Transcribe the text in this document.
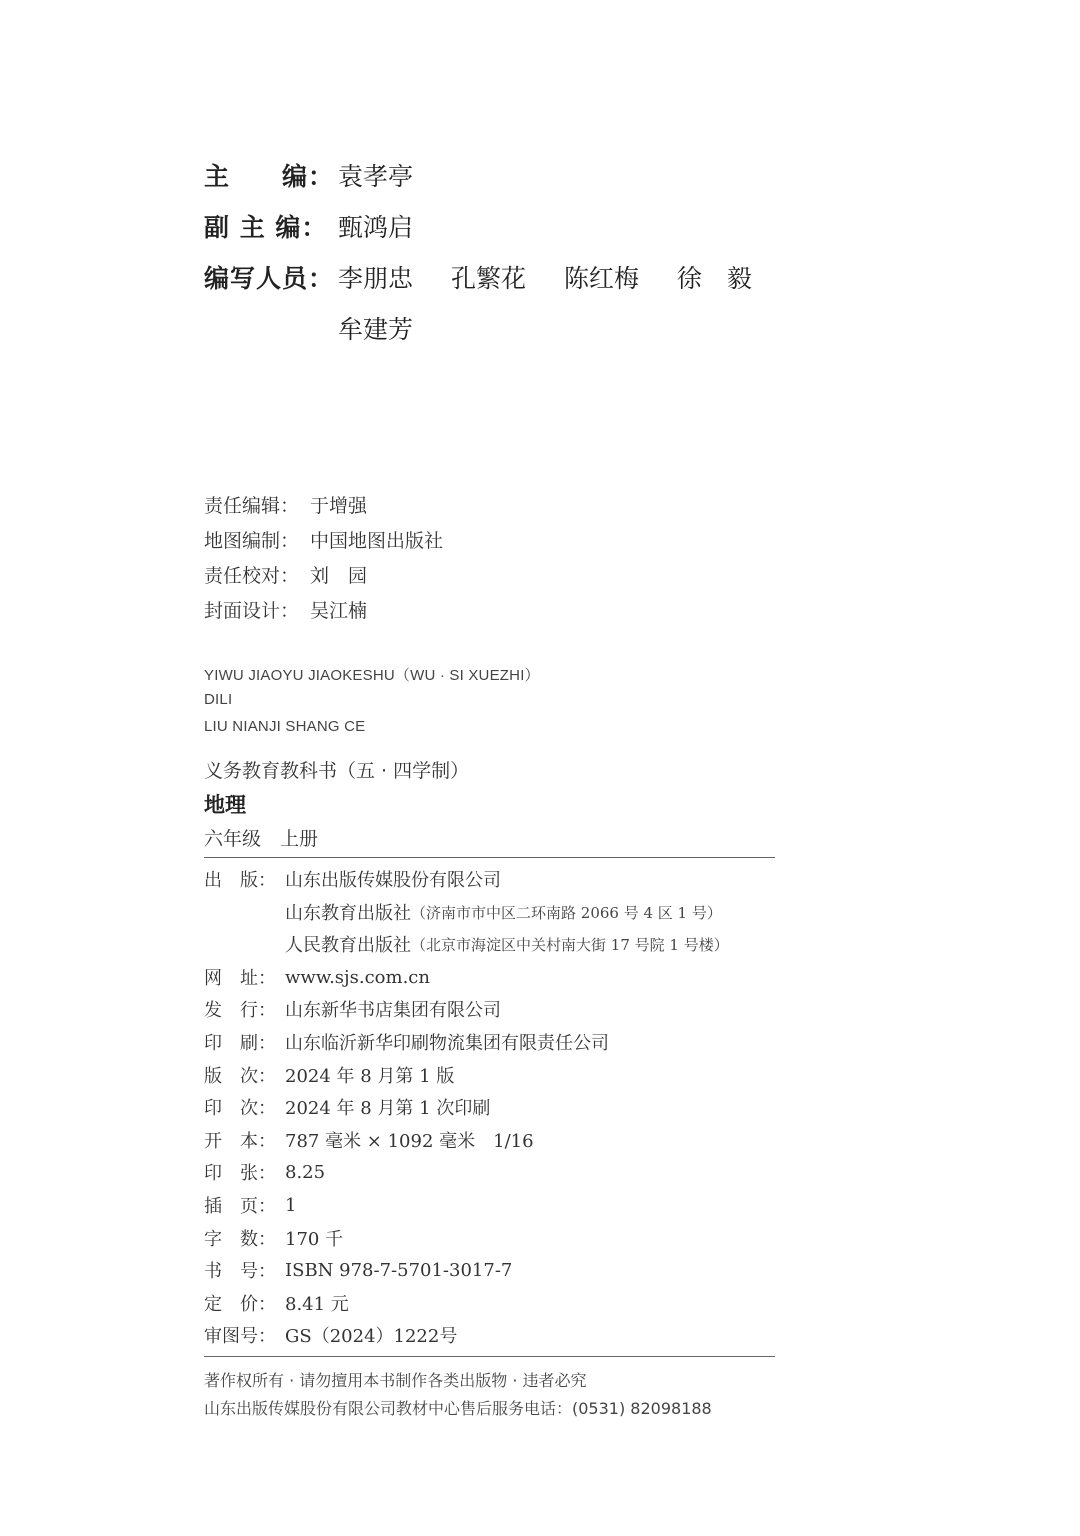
主　　编： 袁孝亭
副 主 编： 甄鸿启
编写人员： 李朋忠 孔繁花 陈红梅 徐　毅
牟建芳
责任编辑： 于增强
地图编制： 中国地图出版社
责任校对： 刘　园
封面设计： 吴江楠
YIWU JIAOYU JIAOKESHU（WU · SI XUEZHI）
DILI
LIU NIANJI SHANG CE
义务教育教科书（五 · 四学制）
地理
六年级　上册
出　版： 山东出版传媒股份有限公司
山东教育出版社 （济南市市中区二环南路 2066 号 4 区 1 号）
人民教育出版社 （北京市海淀区中关村南大街 17 号院 1 号楼）
网　址： www.sjs.com.cn
发　行： 山东新华书店集团有限公司
印　刷： 山东临沂新华印刷物流集团有限责任公司
版　次： 2024 年 8 月第 1 版
印　次： 2024 年 8 月第 1 次印刷
开　本： 787 毫米 × 1092 毫米　1/16
印　张： 8.25
插　页： 1
字　数： 170 千
书　号： ISBN 978-7-5701-3017-7
定　价： 8.41 元
审图号： GS（2024）1222号
著作权所有 · 请勿擅用本书制作各类出版物 · 违者必究
山东出版传媒股份有限公司教材中心售后服务电话：(0531) 82098188
